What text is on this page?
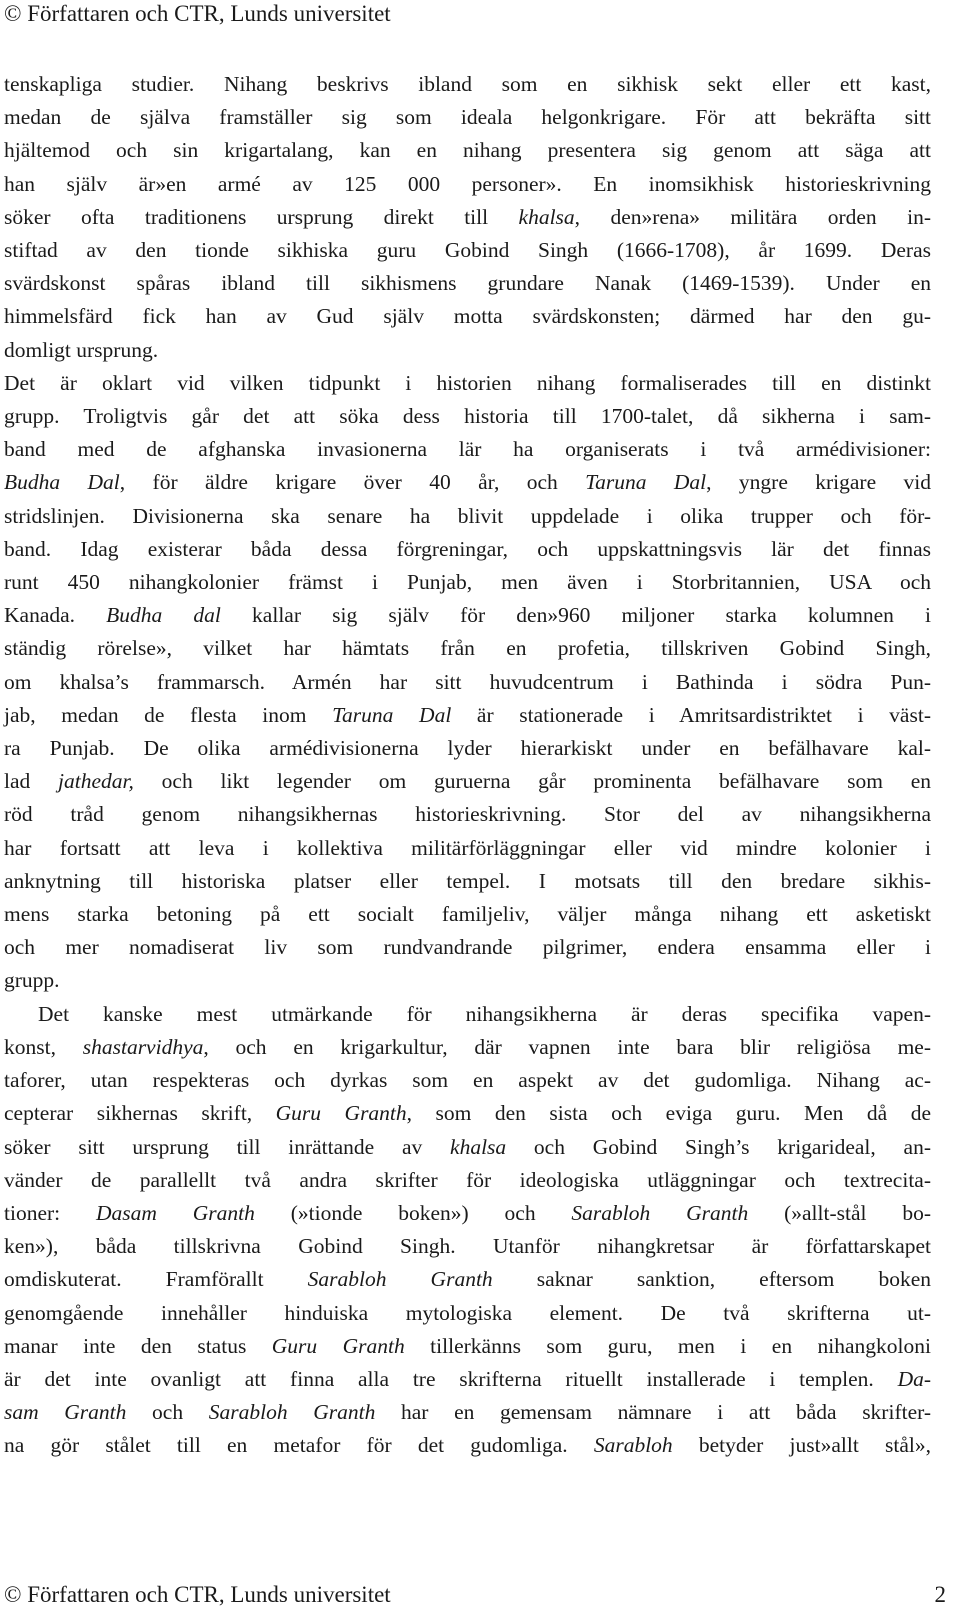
© Författaren och CTR, Lunds universitet
tenskapliga studier. Nihang beskrivs ibland som en sikhisk sekt eller ett kast,
medan de själva framställer sig som ideala helgonkrigare. För att bekräfta sitt
hjältemod och sin krigartalang, kan en nihang presentera sig genom att säga att
han själv är»en armé av 125 000 personer». En inomsikhisk historieskrivning
söker ofta traditionens ursprung direkt till khalsa, den»rena» militära orden in-
stiftad av den tionde sikhiska guru Gobind Singh (1666-1708), år 1699. Deras
svärdskonst spåras ibland till sikhismens grundare Nanak (1469-1539). Under en
himmelsfärd fick han av Gud själv motta svärdskonsten; därmed har den gu-
domligt ursprung.
Det är oklart vid vilken tidpunkt i historien nihang formaliserades till en distinkt
grupp. Troligtvis går det att söka dess historia till 1700-talet, då sikherna i sam-
band med de afghanska invasionerna lär ha organiserats i två armédivisioner:
Budha Dal, för äldre krigare över 40 år, och Taruna Dal, yngre krigare vid
stridslinjen. Divisionerna ska senare ha blivit uppdelade i olika trupper och för-
band. Idag existerar båda dessa förgreningar, och uppskattningsvis lär det finnas
runt 450 nihangkolonier främst i Punjab, men även i Storbritannien, USA och
Kanada. Budha dal kallar sig själv för den»960 miljoner starka kolumnen i
ständig rörelse», vilket har hämtats från en profetia, tillskriven Gobind Singh,
om khalsa’s frammarsch. Armén har sitt huvudcentrum i Bathinda i södra Pun-
jab, medan de flesta inom Taruna Dal är stationerade i Amritsardistriktet i väst-
ra Punjab. De olika armédivisionerna lyder hierarkiskt under en befälhavare kal-
lad jathedar, och likt legender om guruerna går prominenta befälhavare som en
röd tråd genom nihangsikhernas historieskrivning. Stor del av nihangsikherna
har fortsatt att leva i kollektiva militärförläggningar eller vid mindre kolonier i
anknytning till historiska platser eller tempel. I motsats till den bredare sikhis-
mens starka betoning på ett socialt familjeliv, väljer många nihang ett asketiskt
och mer nomadiserat liv som rundvandrande pilgrimer, endera ensamma eller i
grupp.
Det kanske mest utmärkande för nihangsikherna är deras specifika vapen-
konst, shastarvidhya, och en krigarkultur, där vapnen inte bara blir religiösa me-
taforer, utan respekteras och dyrkas som en aspekt av det gudomliga. Nihang ac-
cepterar sikhernas skrift, Guru Granth, som den sista och eviga guru. Men då de
söker sitt ursprung till inrättande av khalsa och Gobind Singh’s krigarideal, an-
vänder de parallellt två andra skrifter för ideologiska utläggningar och textrecita-
tioner: Dasam Granth (»tionde boken») och Sarabloh Granth (»allt-stål bo-
ken»), båda tillskrivna Gobind Singh. Utanför nihangkretsar är författarskapet
omdiskuterat. Framförallt Sarabloh Granth saknar sanktion, eftersom boken
genomgående innehåller hinduiska mytologiska element. De två skrifterna ut-
manar inte den status Guru Granth tillerkänns som guru, men i en nihangkoloni
är det inte ovanligt att finna alla tre skrifterna rituellt installerade i templen. Da-
sam Granth och Sarabloh Granth har en gemensam nämnare i att båda skrifter-
na gör stålet till en metafor för det gudomliga. Sarabloh betyder just»allt stål»,
© Författaren och CTR, Lunds universitet	2
